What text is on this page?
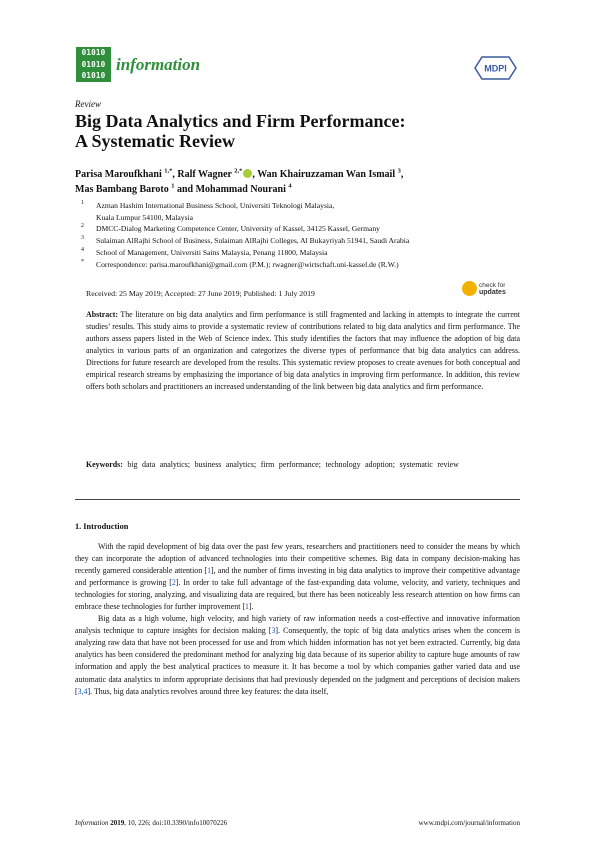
01010
01010
01010
information	MDPI
Review
Big Data Analytics and Firm Performance:
A Systematic Review
Parisa Maroufkhani $^{1,*}$, Ralf Wagner $^{2,*}$ , Wan Khairuzzaman Wan Ismail $^3$,
Mas Bambang Baroto $^1$ and Mohammad Nourani $^4$
1 Azman Hashim International Business School, Universiti Teknologi Malaysia,
Kuala Lumpur 54100, Malaysia
2 DMCC-Dialog Marketing Competence Center, University of Kassel, 34125 Kassel, Germany
3 Sulaiman AlRajhi School of Business, Sulaiman AlRajhi Colleges, Al Bukayriyah 51941, Saudi Arabia
4 School of Management, Universiti Sains Malaysia, Penang 11800, Malaysia
* Correspondence: parisa.maroufkhani@gmail.com (P.M.); rwagner@wirtschaft.uni-kassel.de (R.W.)
Received: 25 May 2019; Accepted: 27 June 2019; Published: 1 July 2019
check for
updates
Abstract: The literature on big data analytics and firm performance is still fragmented and lacking in attempts to integrate the current studies’ results. This study aims to provide a systematic review of contributions related to big data analytics and firm performance. The authors assess papers listed in the Web of Science index. This study identifies the factors that may influence the adoption of big data analytics in various parts of an organization and categorizes the diverse types of performance that big data analytics can address. Directions for future research are developed from the results. This systematic review proposes to create avenues for both conceptual and empirical research streams by emphasizing the importance of big data analytics in improving firm performance. In addition, this review offers both scholars and practitioners an increased understanding of the link between big data analytics and firm performance.
Keywords: big data analytics; business analytics; firm performance; technology adoption; systematic review
1. Introduction

With the rapid development of big data over the past few years, researchers and practitioners need to consider the means by which they can incorporate the adoption of advanced technologies into their competitive schemes. Big data in company decision-making has recently garnered considerable attention [1], and the number of firms investing in big data analytics to improve their competitive advantage and performance is growing [2]. In order to take full advantage of the fast-expanding data volume, velocity, and variety, techniques and technologies for storing, analyzing, and visualizing data are required, but there has been noticeably less research attention on how firms can embrace these technologies for further improvement [1].

Big data as a high volume, high velocity, and high variety of raw information needs a cost-effective and innovative information analysis technique to capture insights for decision making [3]. Consequently, the topic of big data analytics arises when the concern is analyzing raw data that have not been processed for use and from which hidden information has not yet been extracted. Currently, big data analytics has been considered the predominant method for analyzing big data because of its superior ability to capture huge amounts of raw information and apply the best analytical practices to measure it. It has become a tool by which companies gather varied data and use automatic data analytics to inform appropriate decisions that had previously depended on the judgment and perceptions of decision makers [3,4]. Thus, big data analytics revolves around three key features: the data itself,

Information 2019, 10, 226; doi:10.3390/info10070226	www.mdpi.com/journal/information
